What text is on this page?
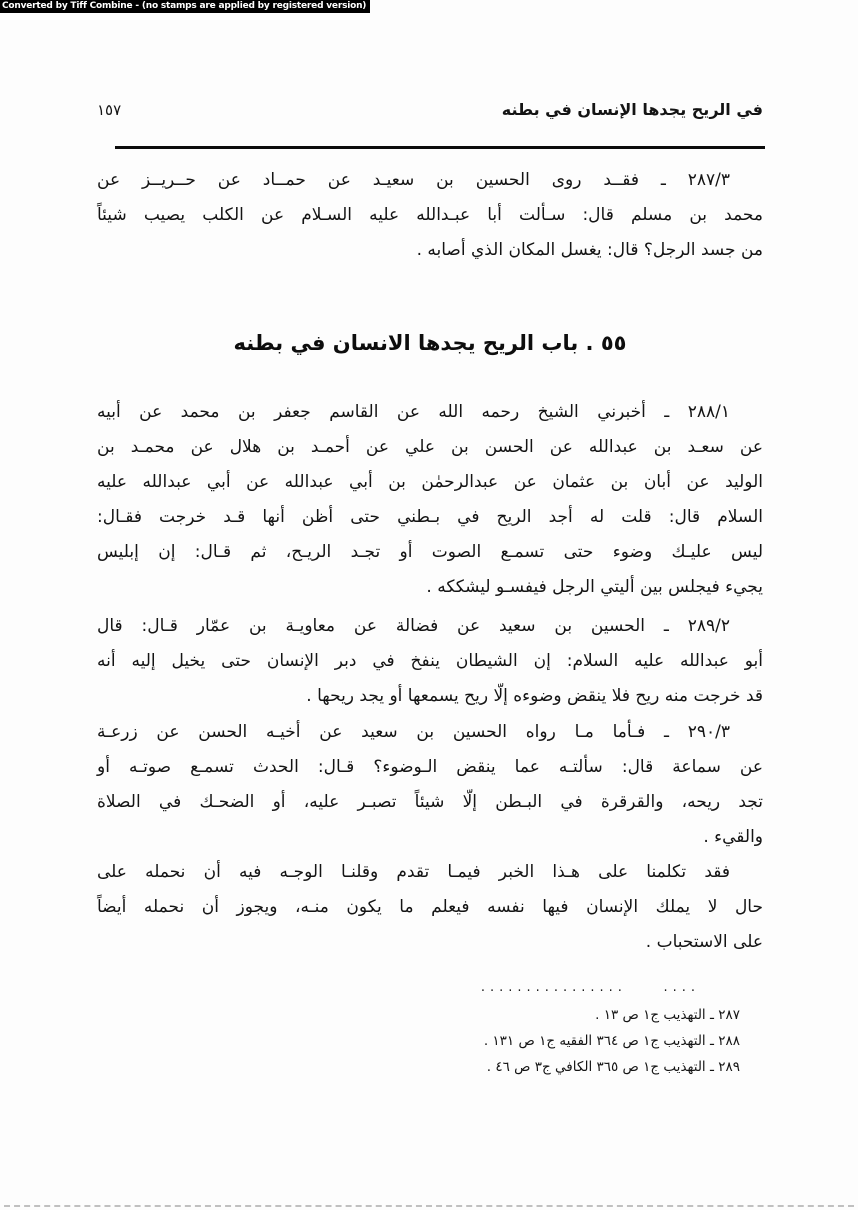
Converted by Tiff Combine - (no stamps are applied by registered version)
١٥٧	في الريح يجدها الإنسان في بطنه

٢٨٧/٣ ـ فقــد روى الحسين بن سعيـد عن حمــاد عن حــريــز عن
محمد بن مسلم قال: سـألت أبا عبـدالله عليه السـلام عن الكلب يصيب شيئاً
من جسد الرجل؟ قال: يغسل المكان الذي أصابه .

٥٥ . باب الريح يجدها الانسان في بطنه

٢٨٨/١ ـ أخبرني الشيخ رحمه الله عن القاسم جعفر بن محمد عن أبيه
عن سعـد بن عبدالله عن الحسن بن علي عن أحمـد بن هلال عن محمـد بن
الوليد عن أبان بن عثمان عن عبدالرحمٰن بن أبي عبدالله عن أبي عبدالله عليه
السلام قال: قلت له أجد الريح في بـطني حتى أظن أنها قـد خرجت فقـال:
ليس عليـك وضوء حتى تسمـع الصوت أو تجـد الريـح، ثم قـال: إن إبليس
يجيء فيجلس بين أليتي الرجل فيفسـو ليشككه .

٢٨٩/٢ ـ الحسين بن سعيد عن فضالة عن معاويـة بن عمّار قـال: قال
أبو عبدالله عليه السلام: إن الشيطان ينفخ في دبر الإنسان حتى يخيل إليه أنه
قد خرجت منه ريح فلا ينقض وضوءه إلّا ريح يسمعها أو يجد ريحها .

٢٩٠/٣ ـ فـأما مـا رواه الحسين بن سعيد عن أخيـه الحسن عن زرعـة
عن سماعة قال: سألتـه عما ينقض الـوضوء؟ قـال: الحدث تسمـع صوتـه أو
تجد ريحه، والقرقرة في البـطن إلّا شيئاً تصبـر عليه، أو الضحـك في الصلاة
والقيء .

فقد تكلمنا على هـذا الخبر فيمـا تقدم وقلنـا الوجـه فيه أن نحمله على
حال لا يملك الإنسان فيها نفسه فيعلم ما يكون منـه، ويجوز أن نحمله أيضاً
على الاستحباب .

................    ....
٢٨٧ ـ التهذيب ج١ ص ١٣ .
٢٨٨ ـ التهذيب ج١ ص ٣٦٤ الفقيه ج١ ص ١٣١ .
٢٨٩ ـ التهذيب ج١ ص ٣٦٥ الكافي ج٣ ص ٤٦ .
